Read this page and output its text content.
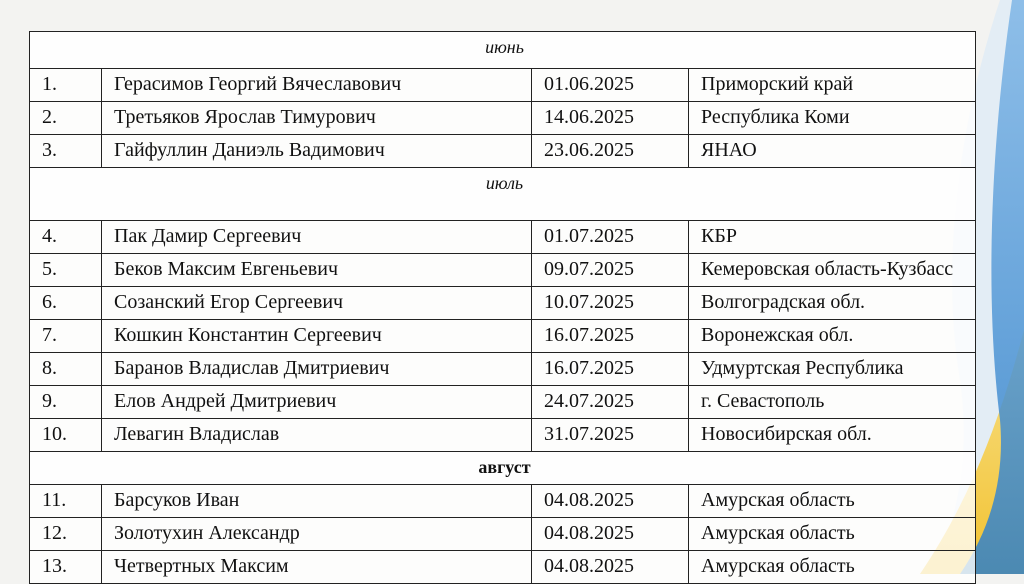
июнь			
1.	Герасимов Георгий Вячеславович	01.06.2025	Приморский край
2.	Третьяков Ярослав Тимурович	14.06.2025	Республика Коми
3.	Гайфуллин Даниэль Вадимович	23.06.2025	ЯНАО
июль			
4.	Пак Дамир Сергеевич	01.07.2025	КБР
5.	Беков Максим Евгеньевич	09.07.2025	Кемеровская область-Кузбасс
6.	Созанский Егор Сергеевич	10.07.2025	Волгоградская обл.
7.	Кошкин Константин Сергеевич	16.07.2025	Воронежская обл.
8.	Баранов Владислав Дмитриевич	16.07.2025	Удмуртская Республика
9.	Елов Андрей Дмитриевич	24.07.2025	г. Севастополь
10.	Левагин Владислав	31.07.2025	Новосибирская обл.
август			
11.	Барсуков Иван	04.08.2025	Амурская область
12.	Золотухин Александр	04.08.2025	Амурская область
13.	Четвертных Максим	04.08.2025	Амурская область
